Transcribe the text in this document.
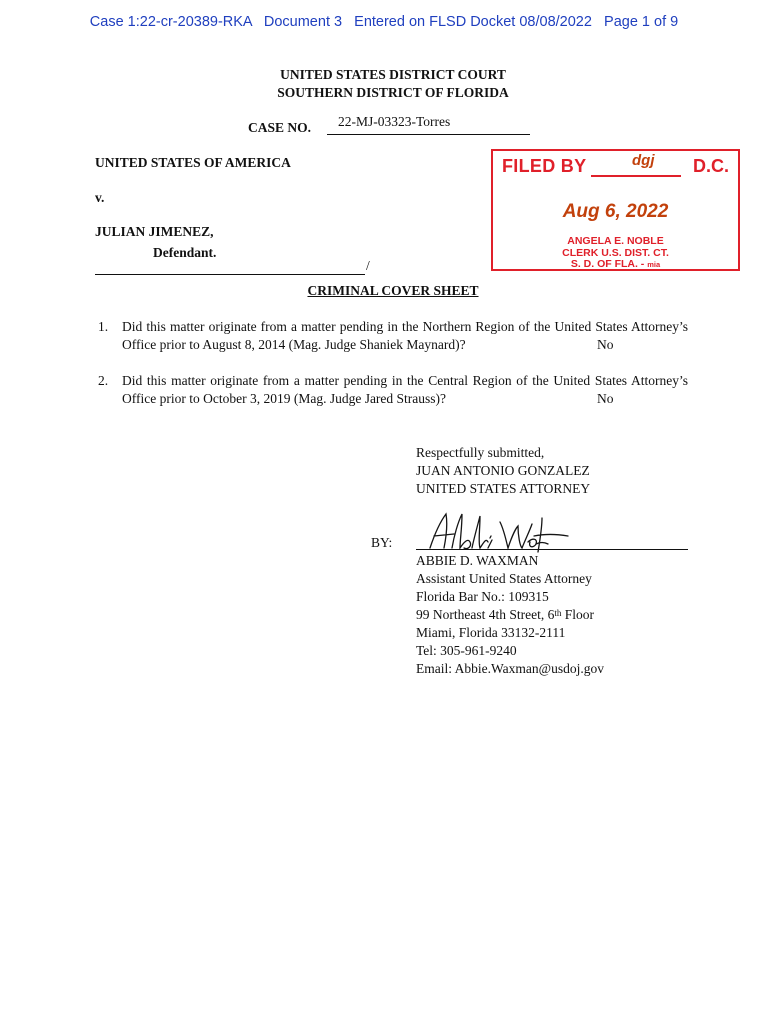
Case 1:22-cr-20389-RKA   Document 3   Entered on FLSD Docket 08/08/2022   Page 1 of 9
UNITED STATES DISTRICT COURT
SOUTHERN DISTRICT OF FLORIDA
CASE NO. 22-MJ-03323-Torres
UNITED STATES OF AMERICA
v.
JULIAN JIMENEZ,
Defendant.
/
FILED BY	dgj D.C.
Aug 6, 2022
ANGELA E. NOBLE
CLERK U.S. DIST. CT.
S. D. OF FLA. - mia
CRIMINAL COVER SHEET
1. Did this matter originate from a matter pending in the Northern Region of the United States Attorney’s Office prior to August 8, 2014 (Mag. Judge Shaniek Maynard)?	No
2. Did this matter originate from a matter pending in the Central Region of the United States Attorney’s Office prior to October 3, 2019 (Mag. Judge Jared Strauss)?	No
Respectfully submitted,
JUAN ANTONIO GONZALEZ
UNITED STATES ATTORNEY
BY:
ABBIE D. WAXMAN
Assistant United States Attorney
Florida Bar No.: 109315
99 Northeast 4th Street, 6th Floor
Miami, Florida 33132-2111
Tel: 305-961-9240
Email: Abbie.Waxman@usdoj.gov
